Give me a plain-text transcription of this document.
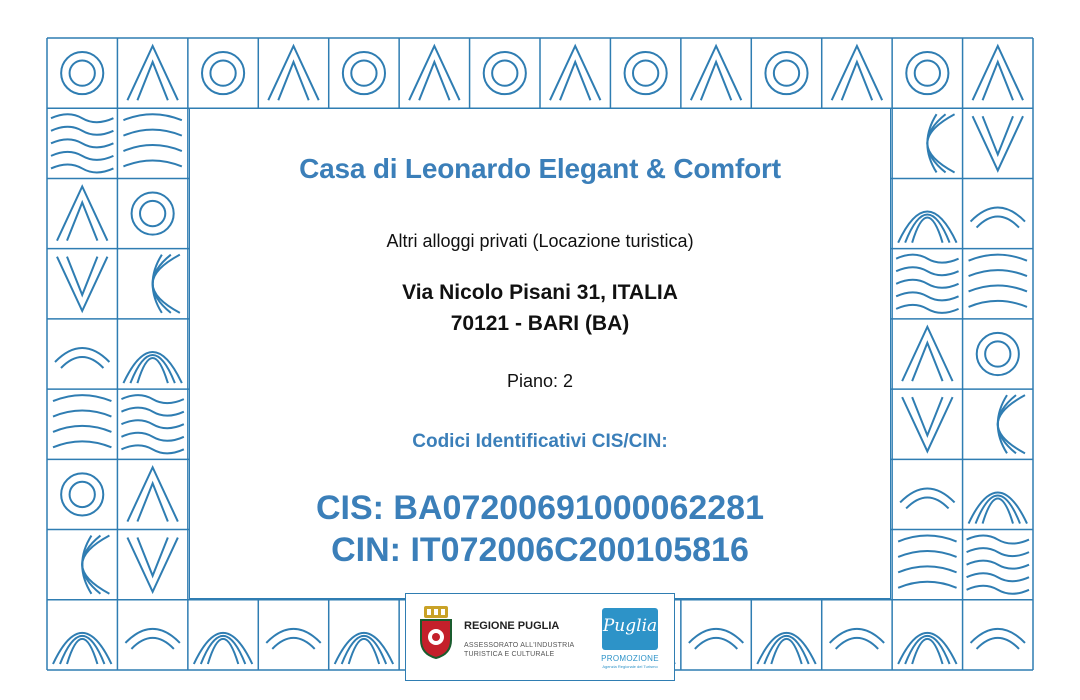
Casa di Leonardo Elegant & Comfort
Altri alloggi privati (Locazione turistica)
Via Nicolo Pisani 31, ITALIA
70121 - BARI (BA)
Piano: 2
Codici Identificativi CIS/CIN:
CIS: BA07200691000062281
CIN: IT072006C200105816
REGIONE PUGLIA
ASSESSORATO ALL'INDUSTRIA
TURISTICA E CULTURALE
Puglia
PROMOZIONE
Agenzia Regionale del Turismo
